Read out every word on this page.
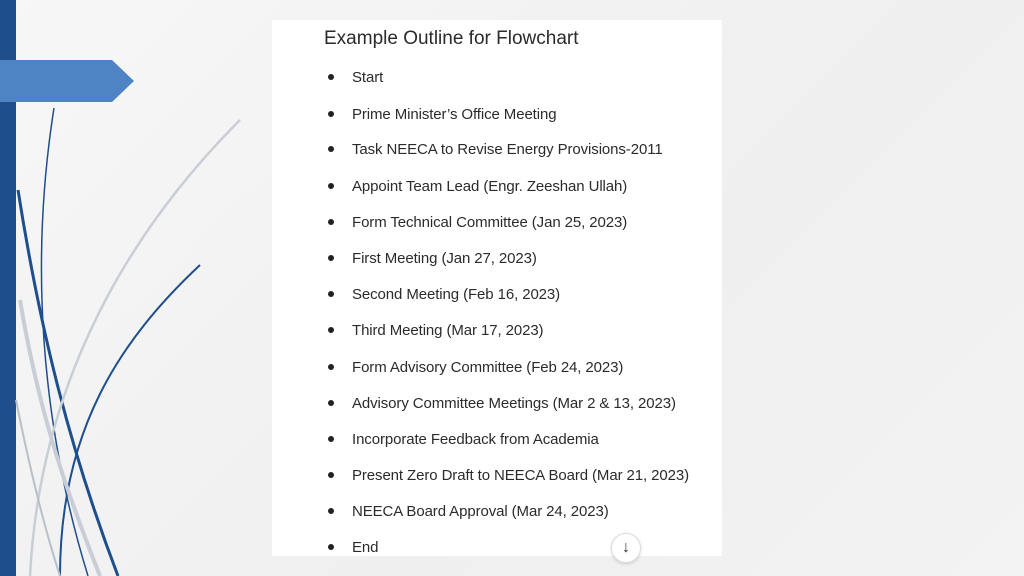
Example Outline for Flowchart
Start
Prime Minister’s Office Meeting
Task NEECA to Revise Energy Provisions-2011
Appoint Team Lead (Engr. Zeeshan Ullah)
Form Technical Committee (Jan 25, 2023)
First Meeting (Jan 27, 2023)
Second Meeting (Feb 16, 2023)
Third Meeting (Mar 17, 2023)
Form Advisory Committee (Feb 24, 2023)
Advisory Committee Meetings (Mar 2 & 13, 2023)
Incorporate Feedback from Academia
Present Zero Draft to NEECA Board (Mar 21, 2023)
NEECA Board Approval (Mar 24, 2023)
End	↓
